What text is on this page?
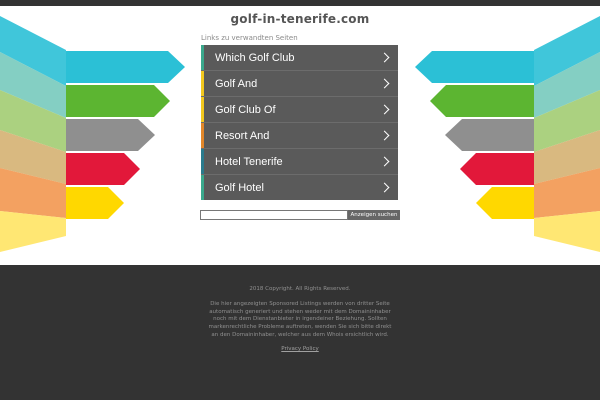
golf-in-tenerife.com
Links zu verwandten Seiten
Which Golf Club
Golf And
Golf Club Of
Resort And
Hotel Tenerife
Golf Hotel
Anzeigen suchen
2018 Copyright. All Rights Reserved.
Die hier angezeigten Sponsored Listings werden von dritter Seite automatisch generiert und stehen weder mit dem Domaininhaber noch mit dem Dienstanbieter in irgendeiner Beziehung. Sollten markenrechtliche Probleme auftreten, wenden Sie sich bitte direkt an den Domaininhaber, welcher aus dem Whois ersichtlich wird.
Privacy Policy
